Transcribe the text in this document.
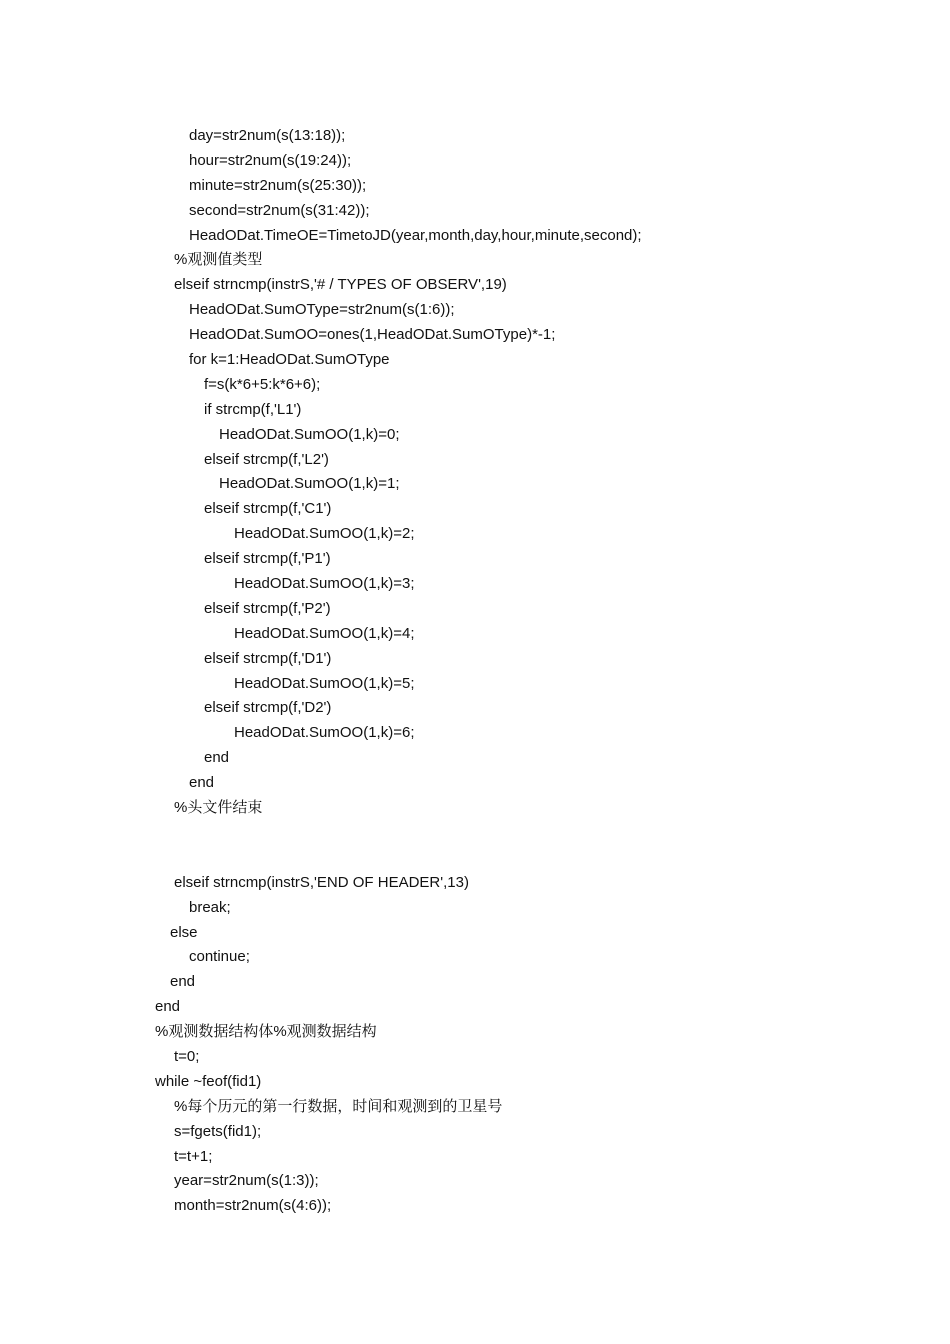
day=str2num(s(13:18));
hour=str2num(s(19:24));
minute=str2num(s(25:30));
second=str2num(s(31:42));
HeadODat.TimeOE=TimetoJD(year,month,day,hour,minute,second);
%观测值类型
elseif strncmp(instrS,'# / TYPES OF OBSERV',19)
HeadODat.SumOType=str2num(s(1:6));
HeadODat.SumOO=ones(1,HeadODat.SumOType)*-1;
for k=1:HeadODat.SumOType
f=s(k*6+5:k*6+6);
if strcmp(f,'L1')
HeadODat.SumOO(1,k)=0;
elseif strcmp(f,'L2')
HeadODat.SumOO(1,k)=1;
elseif strcmp(f,'C1')
HeadODat.SumOO(1,k)=2;
elseif strcmp(f,'P1')
HeadODat.SumOO(1,k)=3;
elseif strcmp(f,'P2')
HeadODat.SumOO(1,k)=4;
elseif strcmp(f,'D1')
HeadODat.SumOO(1,k)=5;
elseif strcmp(f,'D2')
HeadODat.SumOO(1,k)=6;
end
end
%头文件结束
elseif strncmp(instrS,'END OF HEADER',13)
break;
else
continue;
end
end
%观测数据结构体%观测数据结构
t=0;
while ~feof(fid1)
%每个历元的第一行数据，时间和观测到的卫星号
s=fgets(fid1);
t=t+1;
year=str2num(s(1:3));
month=str2num(s(4:6));
